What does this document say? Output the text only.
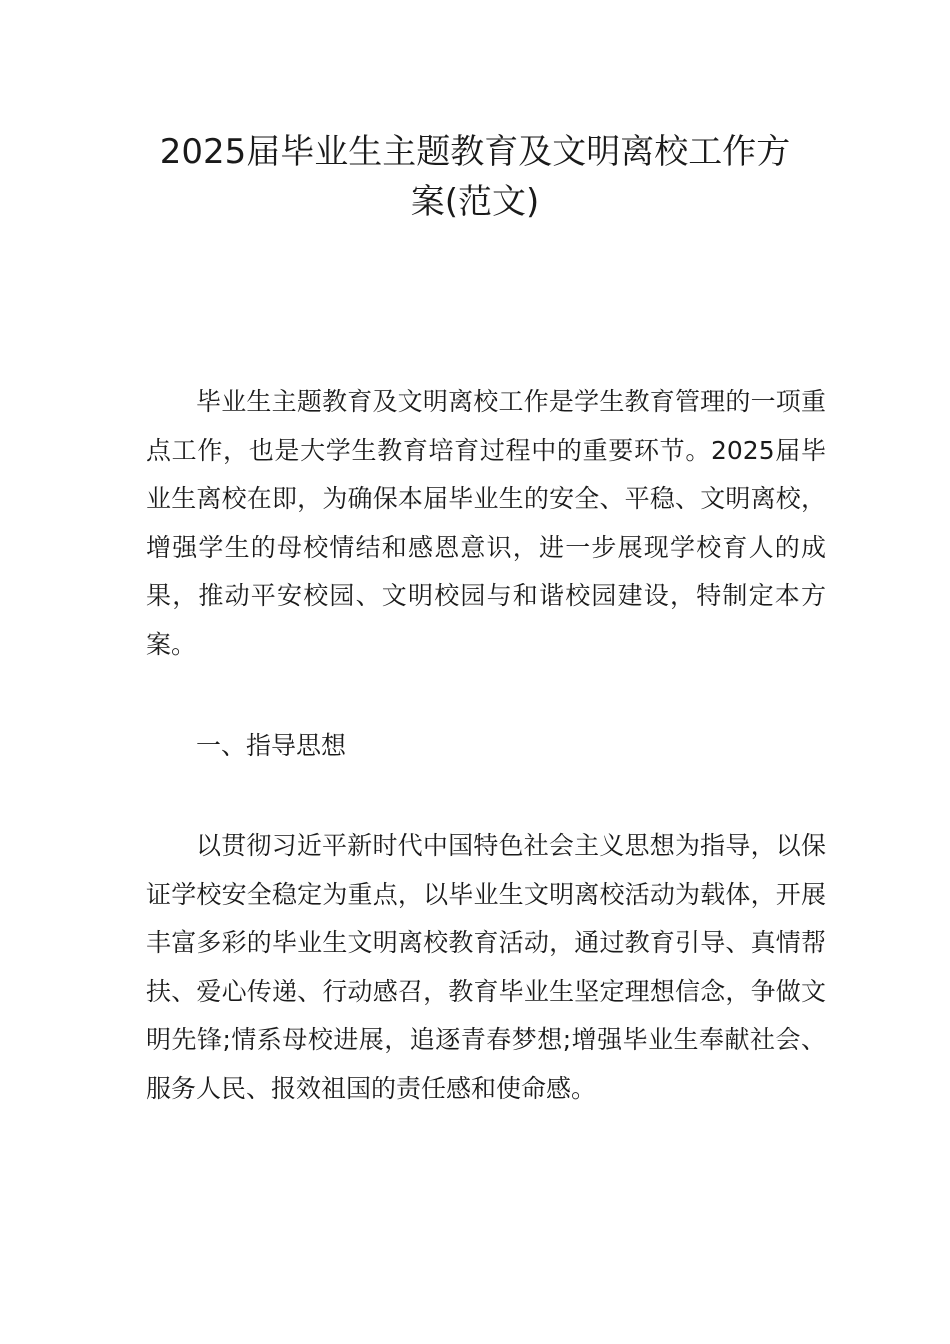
2025届毕业生主题教育及文明离校工作方
案(范文)

毕业生主题教育及文明离校工作是学生教育管理的一项重点工作，也是大学生教育培育过程中的重要环节。2025届毕业生离校在即，为确保本届毕业生的安全、平稳、文明离校，增强学生的母校情结和感恩意识，进一步展现学校育人的成果，推动平安校园、文明校园与和谐校园建设，特制定本方案。

一、指导思想

以贯彻习近平新时代中国特色社会主义思想为指导，以保证学校安全稳定为重点，以毕业生文明离校活动为载体，开展丰富多彩的毕业生文明离校教育活动，通过教育引导、真情帮扶、爱心传递、行动感召，教育毕业生坚定理想信念，争做文明先锋;情系母校进展，追逐青春梦想;增强毕业生奉献社会、服务人民、报效祖国的责任感和使命感。
